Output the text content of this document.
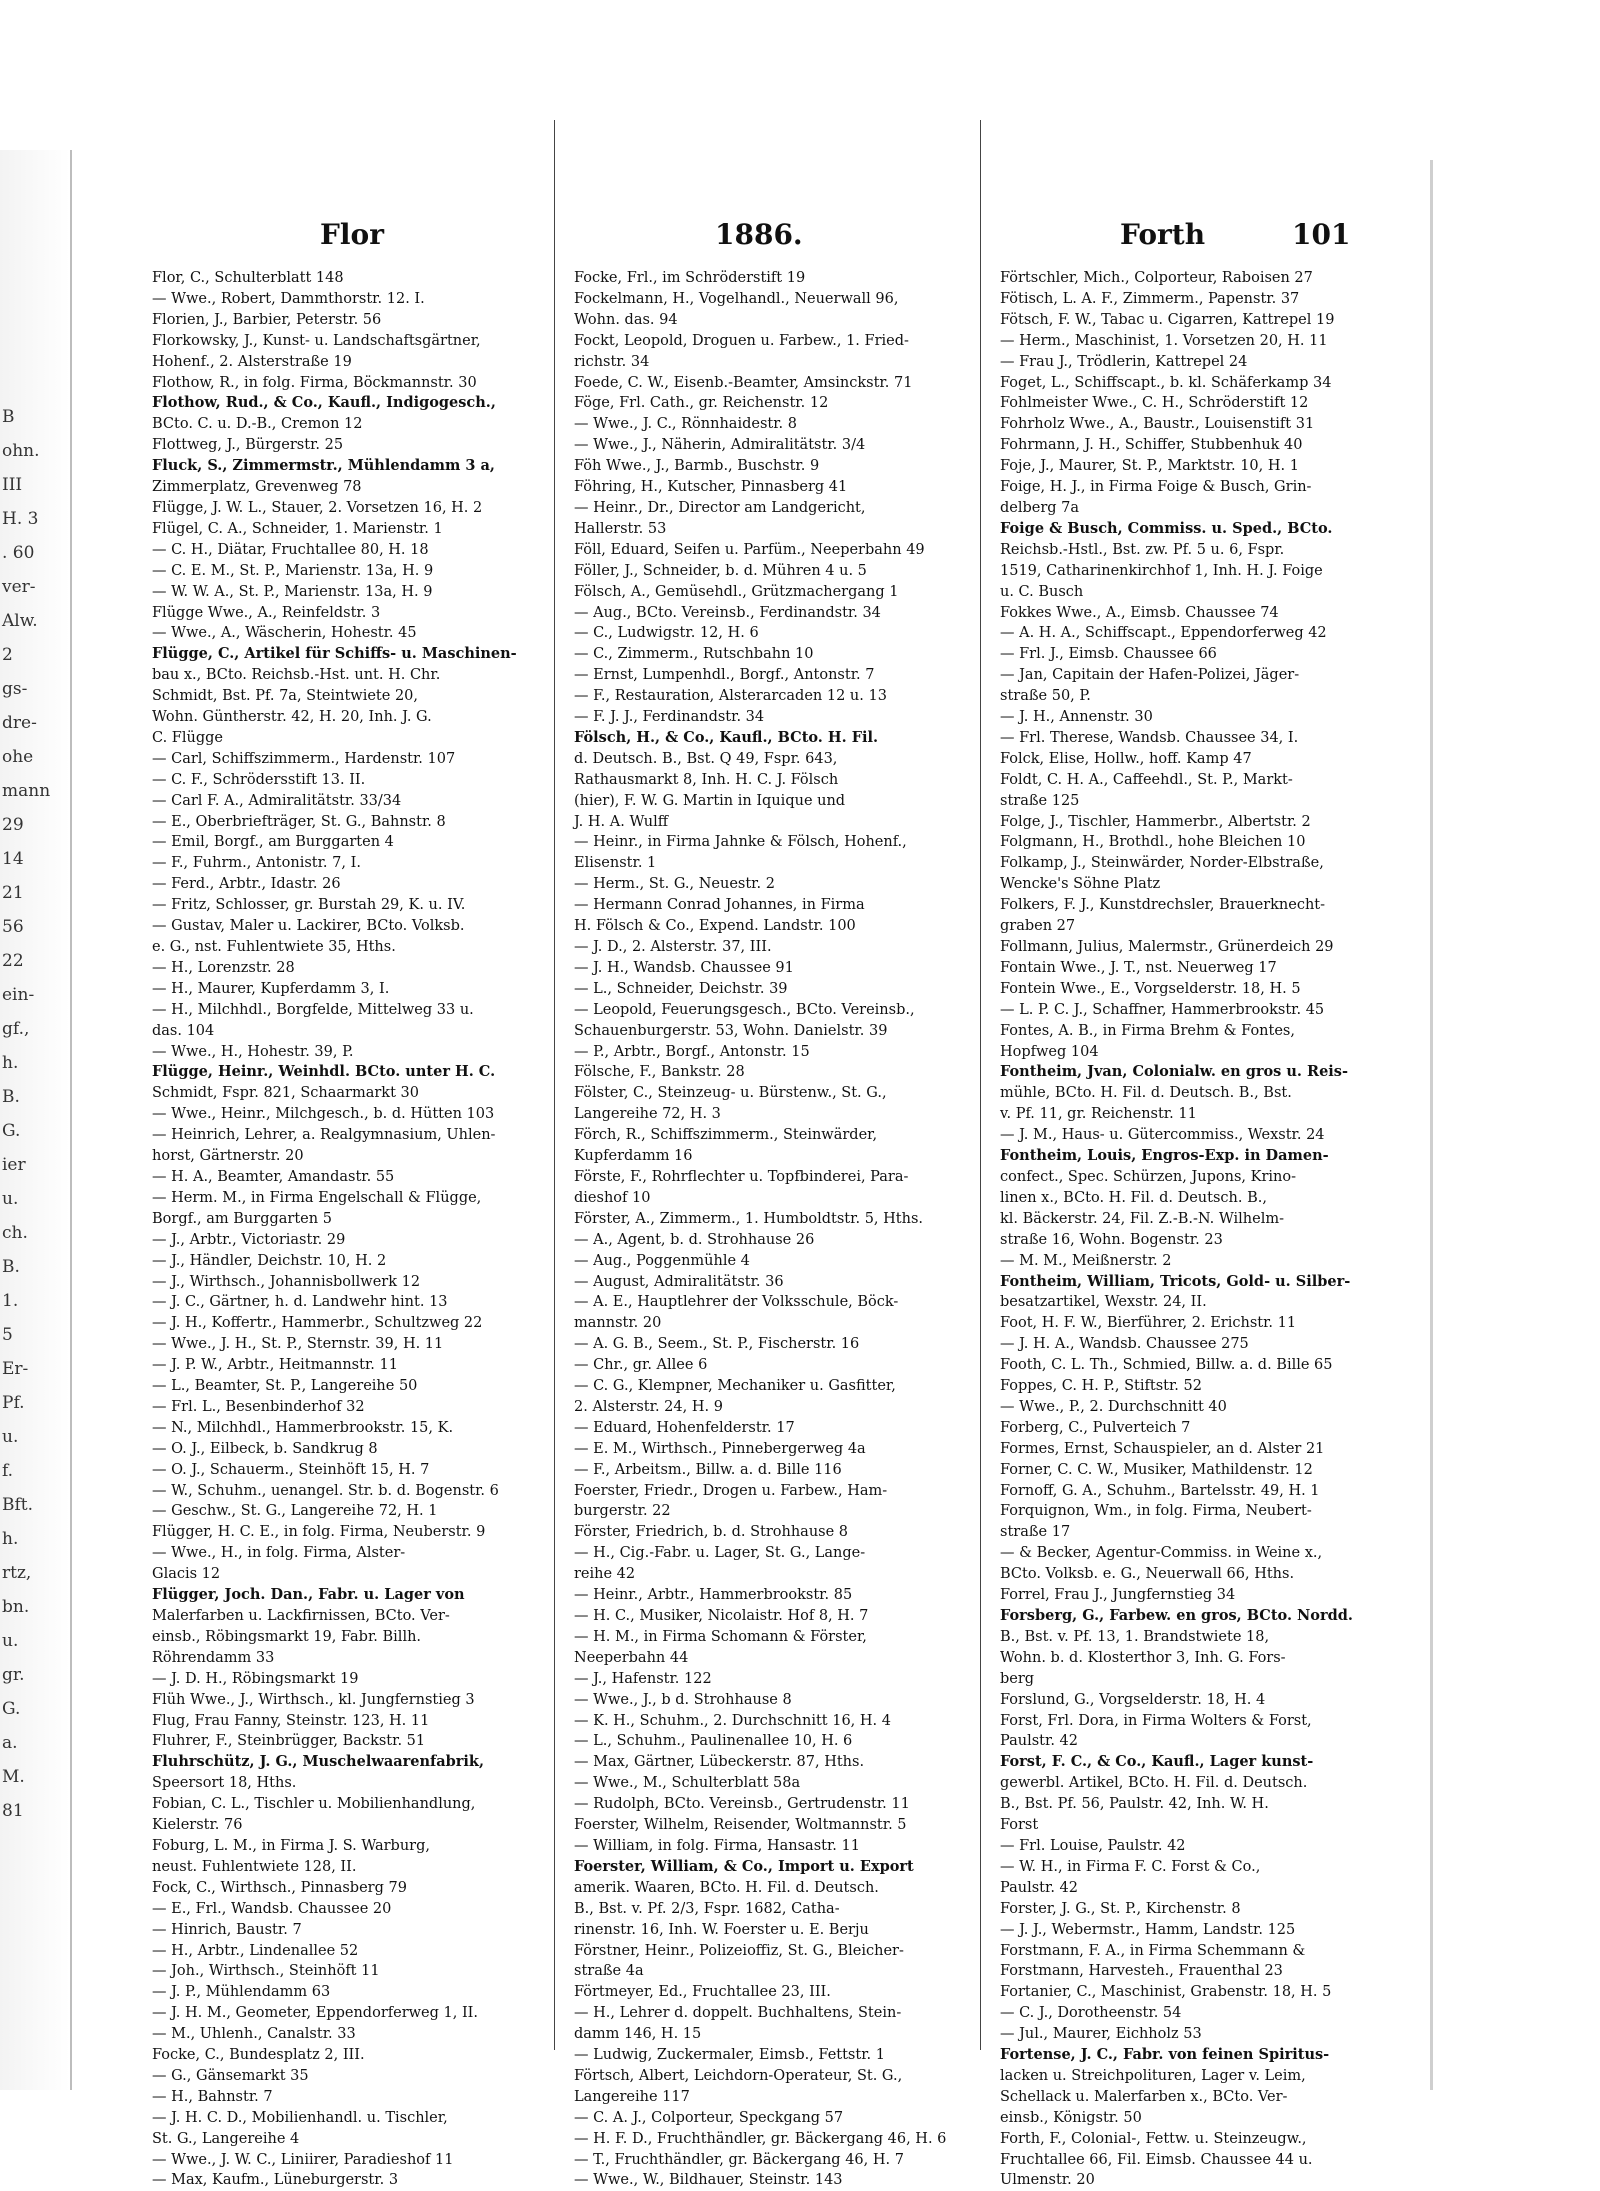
B
ohn.
III
H. 3
. 60
ver-
Alw.
2
gs-
dre-
ohe
mann
29
14
21
56
22
ein-
gf.,
h.
B.
G.
ier
u.
ch.
B.
1.
5
Er-
Pf.
u.
f.
Bft.
h.
rtz,
bn.
u.
gr.
G.
a.
M.
81
Flor	1886.	Forth	101
Flor, C., Schulterblatt 148
— Wwe., Robert, Dammthorstr. 12. I.
Florien, J., Barbier, Peterstr. 56
Florkowsky, J., Kunst- u. Landschaftsgärtner,
Hohenf., 2. Alsterstraße 19
Flothow, R., in folg. Firma, Böckmannstr. 30
Flothow, Rud., & Co., Kaufl., Indigogesch.,
BCto. C. u. D.-B., Cremon 12
Flottweg, J., Bürgerstr. 25
Fluck, S., Zimmermstr., Mühlendamm 3 a,
Zimmerplatz, Grevenweg 78
Flügge, J. W. L., Stauer, 2. Vorsetzen 16, H. 2
Flügel, C. A., Schneider, 1. Marienstr. 1
— C. H., Diätar, Fruchtallee 80, H. 18
— C. E. M., St. P., Marienstr. 13a, H. 9
— W. W. A., St. P., Marienstr. 13a, H. 9
Flügge Wwe., A., Reinfeldstr. 3
— Wwe., A., Wäscherin, Hohestr. 45
Flügge, C., Artikel für Schiffs- u. Maschinen-
bau x., BCto. Reichsb.-Hst. unt. H. Chr.
Schmidt, Bst. Pf. 7a, Steintwiete 20,
Wohn. Güntherstr. 42, H. 20, Inh. J. G.
C. Flügge
— Carl, Schiffszimmerm., Hardenstr. 107
— C. F., Schrödersstift 13. II.
— Carl F. A., Admiralitätstr. 33/34
— E., Oberbriefträger, St. G., Bahnstr. 8
— Emil, Borgf., am Burggarten 4
— F., Fuhrm., Antonistr. 7, I.
— Ferd., Arbtr., Idastr. 26
— Fritz, Schlosser, gr. Burstah 29, K. u. IV.
— Gustav, Maler u. Lackirer, BCto. Volksb.
e. G., nst. Fuhlentwiete 35, Hths.
— H., Lorenzstr. 28
— H., Maurer, Kupferdamm 3, I.
— H., Milchhdl., Borgfelde, Mittelweg 33 u.
das. 104
— Wwe., H., Hohestr. 39, P.
Flügge, Heinr., Weinhdl. BCto. unter H. C.
Schmidt, Fspr. 821, Schaarmarkt 30
— Wwe., Heinr., Milchgesch., b. d. Hütten 103
— Heinrich, Lehrer, a. Realgymnasium, Uhlen-
horst, Gärtnerstr. 20
— H. A., Beamter, Amandastr. 55
— Herm. M., in Firma Engelschall & Flügge,
Borgf., am Burggarten 5
— J., Arbtr., Victoriastr. 29
— J., Händler, Deichstr. 10, H. 2
— J., Wirthsch., Johannisbollwerk 12
— J. C., Gärtner, h. d. Landwehr hint. 13
— J. H., Koffertr., Hammerbr., Schultzweg 22
— Wwe., J. H., St. P., Sternstr. 39, H. 11
— J. P. W., Arbtr., Heitmannstr. 11
— L., Beamter, St. P., Langereihe 50
— Frl. L., Besenbinderhof 32
— N., Milchhdl., Hammerbrookstr. 15, K.
— O. J., Eilbeck, b. Sandkrug 8
— O. J., Schauerm., Steinhöft 15, H. 7
— W., Schuhm., uenangel. Str. b. d. Bogenstr. 6
— Geschw., St. G., Langereihe 72, H. 1
Flügger, H. C. E., in folg. Firma, Neuberstr. 9
— Wwe., H., in folg. Firma, Alster-
Glacis 12
Flügger, Joch. Dan., Fabr. u. Lager von
Malerfarben u. Lackfirnissen, BCto. Ver-
einsb., Röbingsmarkt 19, Fabr. Billh.
Röhrendamm 33
— J. D. H., Röbingsmarkt 19
Flüh Wwe., J., Wirthsch., kl. Jungfernstieg 3
Flug, Frau Fanny, Steinstr. 123, H. 11
Fluhrer, F., Steinbrügger, Backstr. 51
Fluhrschütz, J. G., Muschelwaarenfabrik,
Speersort 18, Hths.
Fobian, C. L., Tischler u. Mobilienhandlung,
Kielerstr. 76
Foburg, L. M., in Firma J. S. Warburg,
neust. Fuhlentwiete 128, II.
Fock, C., Wirthsch., Pinnasberg 79
— E., Frl., Wandsb. Chaussee 20
— Hinrich, Baustr. 7
— H., Arbtr., Lindenallee 52
— Joh., Wirthsch., Steinhöft 11
— J. P., Mühlendamm 63
— J. H. M., Geometer, Eppendorferweg 1, II.
— M., Uhlenh., Canalstr. 33
Focke, C., Bundesplatz 2, III.
— G., Gänsemarkt 35
— H., Bahnstr. 7
— J. H. C. D., Mobilienhandl. u. Tischler,
St. G., Langereihe 4
— Wwe., J. W. C., Liniirer, Paradieshof 11
— Max, Kaufm., Lüneburgerstr. 3
Focke, Frl., im Schröderstift 19
Fockelmann, H., Vogelhandl., Neuerwall 96,
Wohn. das. 94
Fockt, Leopold, Droguen u. Farbew., 1. Fried-
richstr. 34
Foede, C. W., Eisenb.-Beamter, Amsinckstr. 71
Föge, Frl. Cath., gr. Reichenstr. 12
— Wwe., J. C., Rönnhaidestr. 8
— Wwe., J., Näherin, Admiralitätstr. 3/4
Föh Wwe., J., Barmb., Buschstr. 9
Föhring, H., Kutscher, Pinnasberg 41
— Heinr., Dr., Director am Landgericht,
Hallerstr. 53
Föll, Eduard, Seifen u. Parfüm., Neeperbahn 49
Föller, J., Schneider, b. d. Mühren 4 u. 5
Fölsch, A., Gemüsehdl., Grützmachergang 1
— Aug., BCto. Vereinsb., Ferdinandstr. 34
— C., Ludwigstr. 12, H. 6
— C., Zimmerm., Rutschbahn 10
— Ernst, Lumpenhdl., Borgf., Antonstr. 7
— F., Restauration, Alsterarcaden 12 u. 13
— F. J. J., Ferdinandstr. 34
Fölsch, H., & Co., Kaufl., BCto. H. Fil.
d. Deutsch. B., Bst. Q 49, Fspr. 643,
Rathausmarkt 8, Inh. H. C. J. Fölsch
(hier), F. W. G. Martin in Iquique und
J. H. A. Wulff
— Heinr., in Firma Jahnke & Fölsch, Hohenf.,
Elisenstr. 1
— Herm., St. G., Neuestr. 2
— Hermann Conrad Johannes, in Firma
H. Fölsch & Co., Expend. Landstr. 100
— J. D., 2. Alsterstr. 37, III.
— J. H., Wandsb. Chaussee 91
— L., Schneider, Deichstr. 39
— Leopold, Feuerungsgesch., BCto. Vereinsb.,
Schauenburgerstr. 53, Wohn. Danielstr. 39
— P., Arbtr., Borgf., Antonstr. 15
Fölsche, F., Bankstr. 28
Fölster, C., Steinzeug- u. Bürstenw., St. G.,
Langereihe 72, H. 3
Förch, R., Schiffszimmerm., Steinwärder,
Kupferdamm 16
Förste, F., Rohrflechter u. Topfbinderei, Para-
dieshof 10
Förster, A., Zimmerm., 1. Humboldtstr. 5, Hths.
— A., Agent, b. d. Strohhause 26
— Aug., Poggenmühle 4
— August, Admiralitätstr. 36
— A. E., Hauptlehrer der Volksschule, Böck-
mannstr. 20
— A. G. B., Seem., St. P., Fischerstr. 16
— Chr., gr. Allee 6
— C. G., Klempner, Mechaniker u. Gasfitter,
2. Alsterstr. 24, H. 9
— Eduard, Hohenfelderstr. 17
— E. M., Wirthsch., Pinnebergerweg 4a
— F., Arbeitsm., Billw. a. d. Bille 116
Foerster, Friedr., Drogen u. Farbew., Ham-
burgerstr. 22
Förster, Friedrich, b. d. Strohhause 8
— H., Cig.-Fabr. u. Lager, St. G., Lange-
reihe 42
— Heinr., Arbtr., Hammerbrookstr. 85
— H. C., Musiker, Nicolaistr. Hof 8, H. 7
— H. M., in Firma Schomann & Förster,
Neeperbahn 44
— J., Hafenstr. 122
— Wwe., J., b d. Strohhause 8
— K. H., Schuhm., 2. Durchschnitt 16, H. 4
— L., Schuhm., Paulinenallee 10, H. 6
— Max, Gärtner, Lübeckerstr. 87, Hths.
— Wwe., M., Schulterblatt 58a
— Rudolph, BCto. Vereinsb., Gertrudenstr. 11
Foerster, Wilhelm, Reisender, Woltmannstr. 5
— William, in folg. Firma, Hansastr. 11
Foerster, William, & Co., Import u. Export
amerik. Waaren, BCto. H. Fil. d. Deutsch.
B., Bst. v. Pf. 2/3, Fspr. 1682, Catha-
rinenstr. 16, Inh. W. Foerster u. E. Berju
Förstner, Heinr., Polizeioffiz, St. G., Bleicher-
straße 4a
Förtmeyer, Ed., Fruchtallee 23, III.
— H., Lehrer d. doppelt. Buchhaltens, Stein-
damm 146, H. 15
— Ludwig, Zuckermaler, Eimsb., Fettstr. 1
Förtsch, Albert, Leichdorn-Operateur, St. G.,
Langereihe 117
— C. A. J., Colporteur, Speckgang 57
— H. F. D., Fruchthändler, gr. Bäckergang 46, H. 6
— T., Fruchthändler, gr. Bäckergang 46, H. 7
— Wwe., W., Bildhauer, Steinstr. 143
Förtschler, Mich., Colporteur, Raboisen 27
Fötisch, L. A. F., Zimmerm., Papenstr. 37
Fötsch, F. W., Tabac u. Cigarren, Kattrepel 19
— Herm., Maschinist, 1. Vorsetzen 20, H. 11
— Frau J., Trödlerin, Kattrepel 24
Foget, L., Schiffscapt., b. kl. Schäferkamp 34
Fohlmeister Wwe., C. H., Schröderstift 12
Fohrholz Wwe., A., Baustr., Louisenstift 31
Fohrmann, J. H., Schiffer, Stubbenhuk 40
Foje, J., Maurer, St. P., Marktstr. 10, H. 1
Foige, H. J., in Firma Foige & Busch, Grin-
delberg 7a
Foige & Busch, Commiss. u. Sped., BCto.
Reichsb.-Hstl., Bst. zw. Pf. 5 u. 6, Fspr.
1519, Catharinenkirchhof 1, Inh. H. J. Foige
u. C. Busch
Fokkes Wwe., A., Eimsb. Chaussee 74
— A. H. A., Schiffscapt., Eppendorferweg 42
— Frl. J., Eimsb. Chaussee 66
— Jan, Capitain der Hafen-Polizei, Jäger-
straße 50, P.
— J. H., Annenstr. 30
— Frl. Therese, Wandsb. Chaussee 34, I.
Folck, Elise, Hollw., hoff. Kamp 47
Foldt, C. H. A., Caffeehdl., St. P., Markt-
straße 125
Folge, J., Tischler, Hammerbr., Albertstr. 2
Folgmann, H., Brothdl., hohe Bleichen 10
Folkamp, J., Steinwärder, Norder-Elbstraße,
Wencke's Söhne Platz
Folkers, F. J., Kunstdrechsler, Brauerknecht-
graben 27
Follmann, Julius, Malermstr., Grünerdeich 29
Fontain Wwe., J. T., nst. Neuerweg 17
Fontein Wwe., E., Vorgselderstr. 18, H. 5
— L. P. C. J., Schaffner, Hammerbrookstr. 45
Fontes, A. B., in Firma Brehm & Fontes,
Hopfweg 104
Fontheim, Jvan, Colonialw. en gros u. Reis-
mühle, BCto. H. Fil. d. Deutsch. B., Bst.
v. Pf. 11, gr. Reichenstr. 11
— J. M., Haus- u. Gütercommiss., Wexstr. 24
Fontheim, Louis, Engros-Exp. in Damen-
confect., Spec. Schürzen, Jupons, Krino-
linen x., BCto. H. Fil. d. Deutsch. B.,
kl. Bäckerstr. 24, Fil. Z.-B.-N. Wilhelm-
straße 16, Wohn. Bogenstr. 23
— M. M., Meißnerstr. 2
Fontheim, William, Tricots, Gold- u. Silber-
besatzartikel, Wexstr. 24, II.
Foot, H. F. W., Bierführer, 2. Erichstr. 11
— J. H. A., Wandsb. Chaussee 275
Footh, C. L. Th., Schmied, Billw. a. d. Bille 65
Foppes, C. H. P., Stiftstr. 52
— Wwe., P., 2. Durchschnitt 40
Forberg, C., Pulverteich 7
Formes, Ernst, Schauspieler, an d. Alster 21
Forner, C. C. W., Musiker, Mathildenstr. 12
Fornoff, G. A., Schuhm., Bartelsstr. 49, H. 1
Forquignon, Wm., in folg. Firma, Neubert-
straße 17
— & Becker, Agentur-Commiss. in Weine x.,
BCto. Volksb. e. G., Neuerwall 66, Hths.
Forrel, Frau J., Jungfernstieg 34
Forsberg, G., Farbew. en gros, BCto. Nordd.
B., Bst. v. Pf. 13, 1. Brandstwiete 18,
Wohn. b. d. Klosterthor 3, Inh. G. Fors-
berg
Forslund, G., Vorgselderstr. 18, H. 4
Forst, Frl. Dora, in Firma Wolters & Forst,
Paulstr. 42
Forst, F. C., & Co., Kaufl., Lager kunst-
gewerbl. Artikel, BCto. H. Fil. d. Deutsch.
B., Bst. Pf. 56, Paulstr. 42, Inh. W. H.
Forst
— Frl. Louise, Paulstr. 42
— W. H., in Firma F. C. Forst & Co.,
Paulstr. 42
Forster, J. G., St. P., Kirchenstr. 8
— J. J., Webermstr., Hamm, Landstr. 125
Forstmann, F. A., in Firma Schemmann &
Forstmann, Harvesteh., Frauenthal 23
Fortanier, C., Maschinist, Grabenstr. 18, H. 5
— C. J., Dorotheenstr. 54
— Jul., Maurer, Eichholz 53
Fortense, J. C., Fabr. von feinen Spiritus-
lacken u. Streichpolituren, Lager v. Leim,
Schellack u. Malerfarben x., BCto. Ver-
einsb., Königstr. 50
Forth, F., Colonial-, Fettw. u. Steinzeugw.,
Fruchtallee 66, Fil. Eimsb. Chaussee 44 u.
Ulmenstr. 20
